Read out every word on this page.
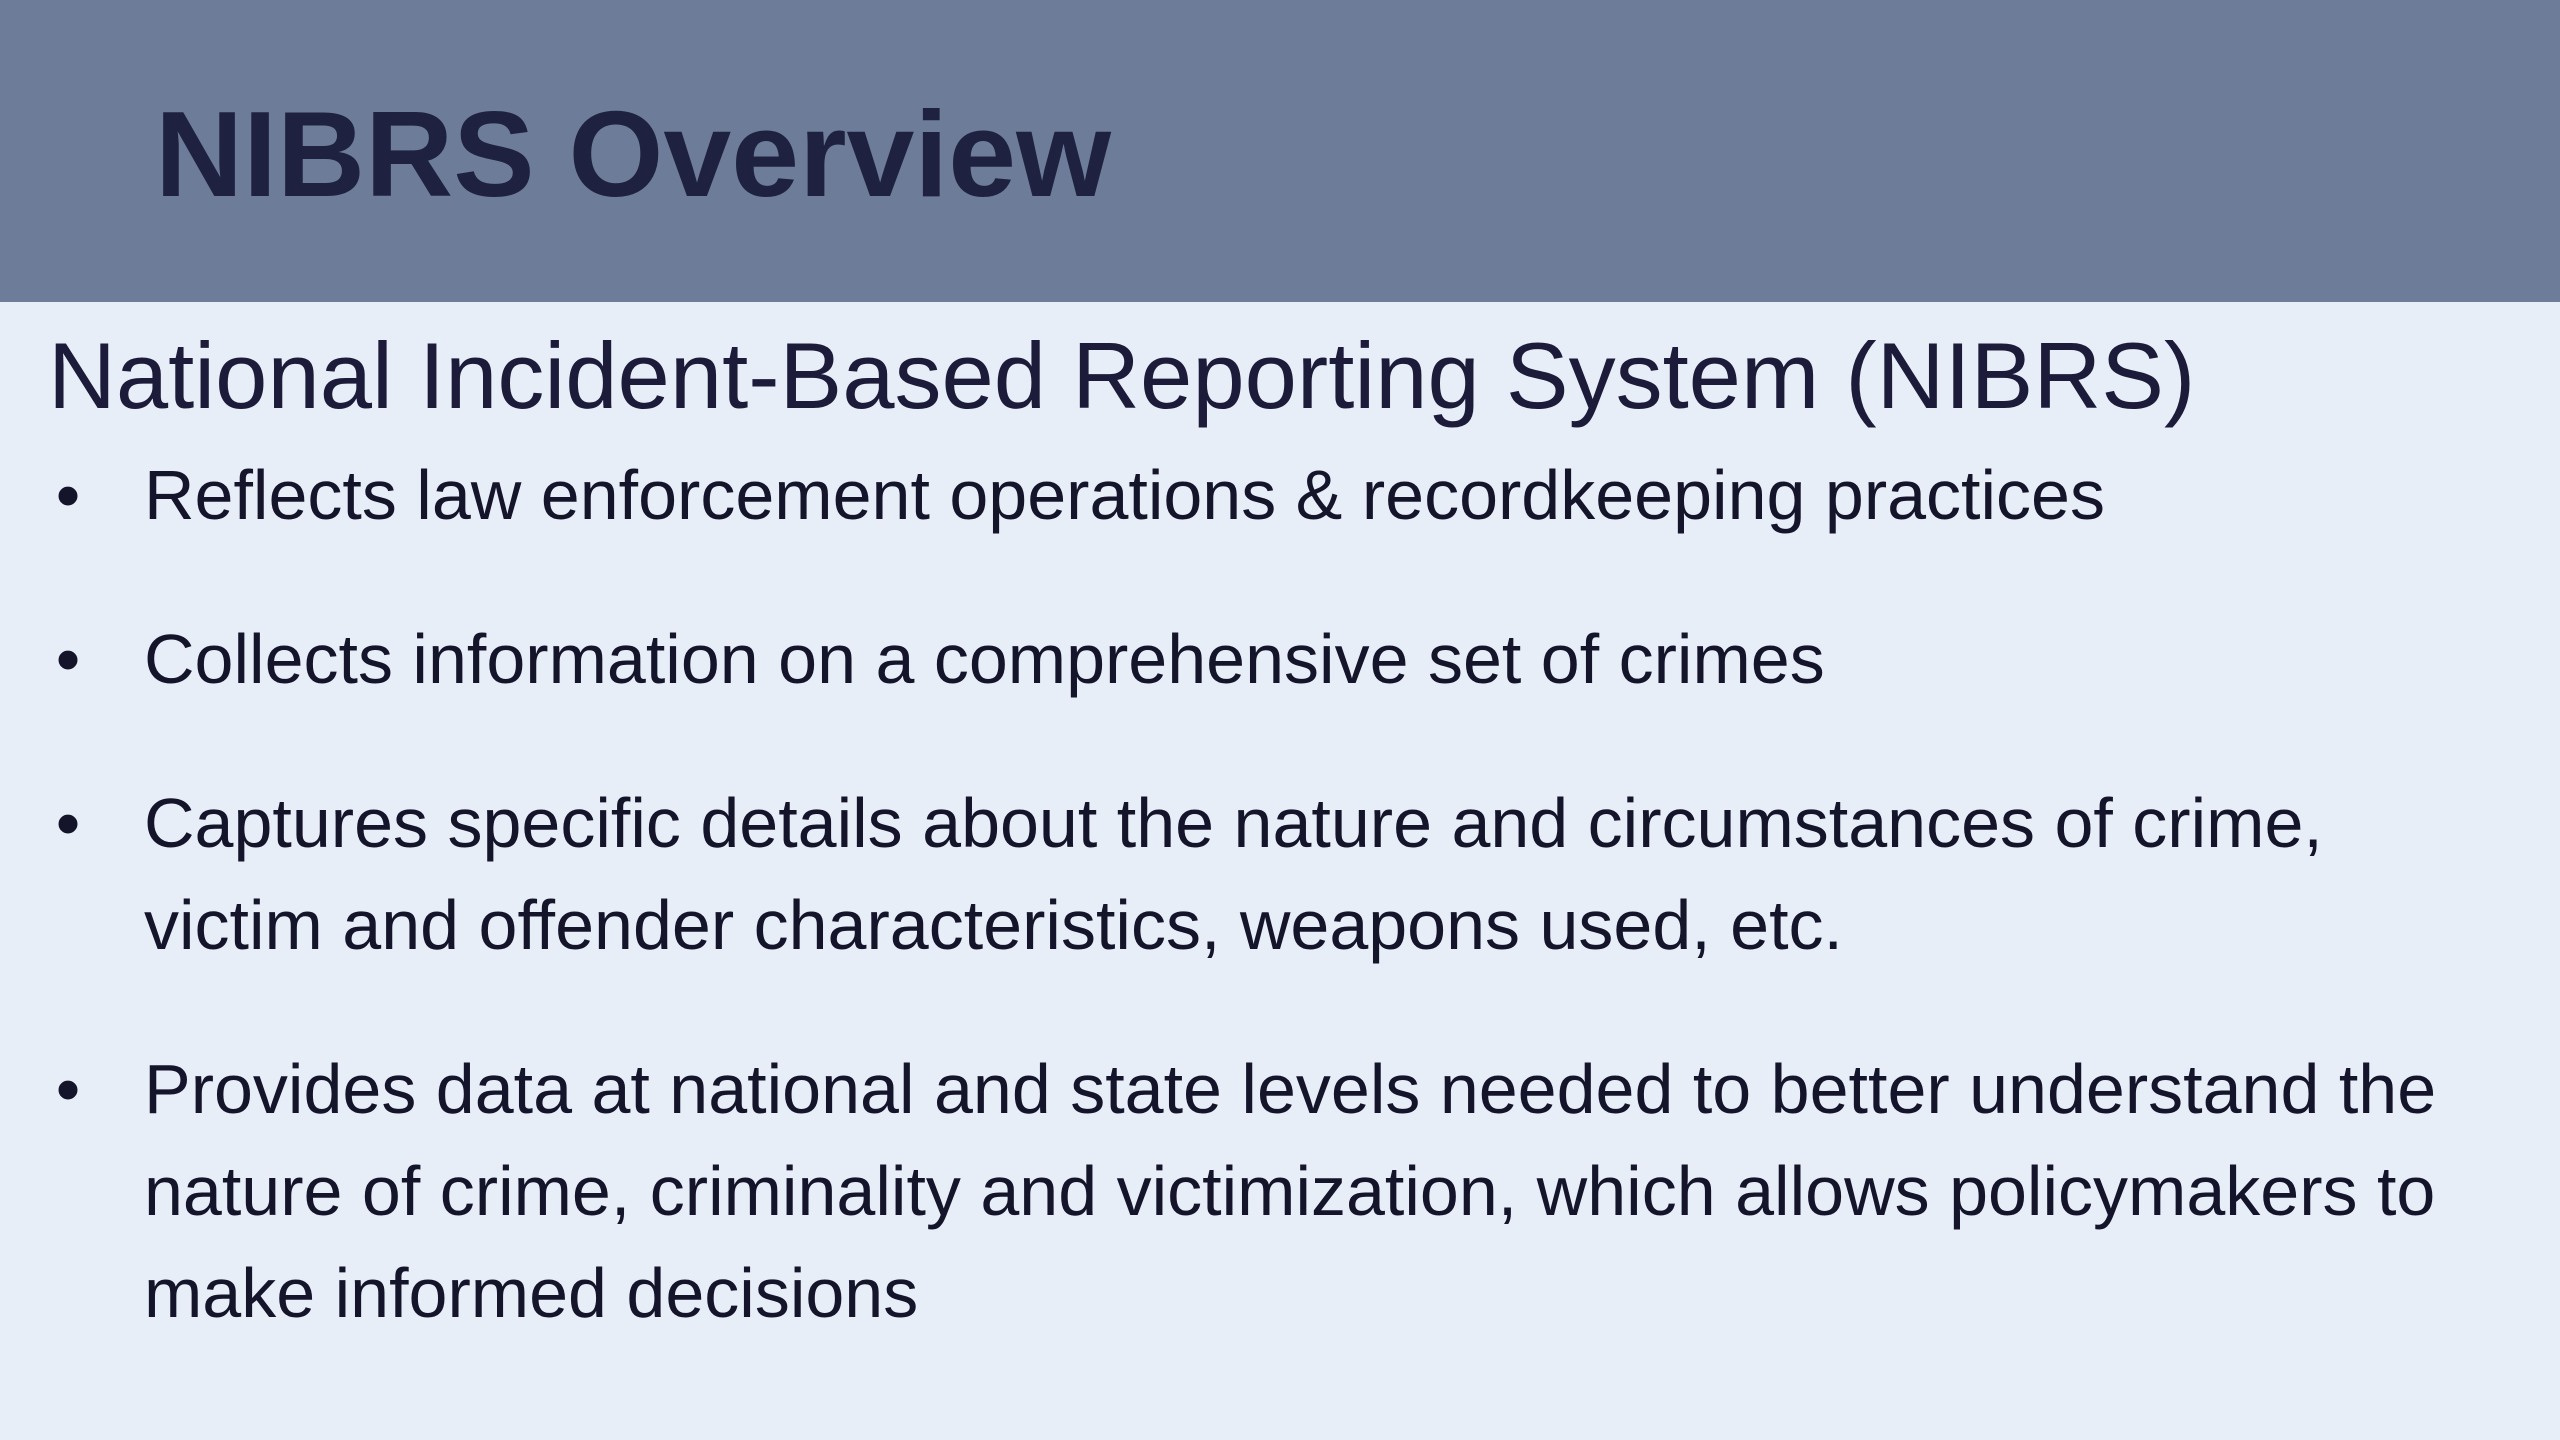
NIBRS Overview
National Incident-Based Reporting System (NIBRS)
• Reflects law enforcement operations & recordkeeping practices
• Collects information on a comprehensive set of crimes
• Captures specific details about the nature and circumstances of crime, victim and offender characteristics, weapons used, etc.
• Provides data at national and state levels needed to better understand the nature of crime, criminality and victimization, which allows policymakers to make informed decisions
